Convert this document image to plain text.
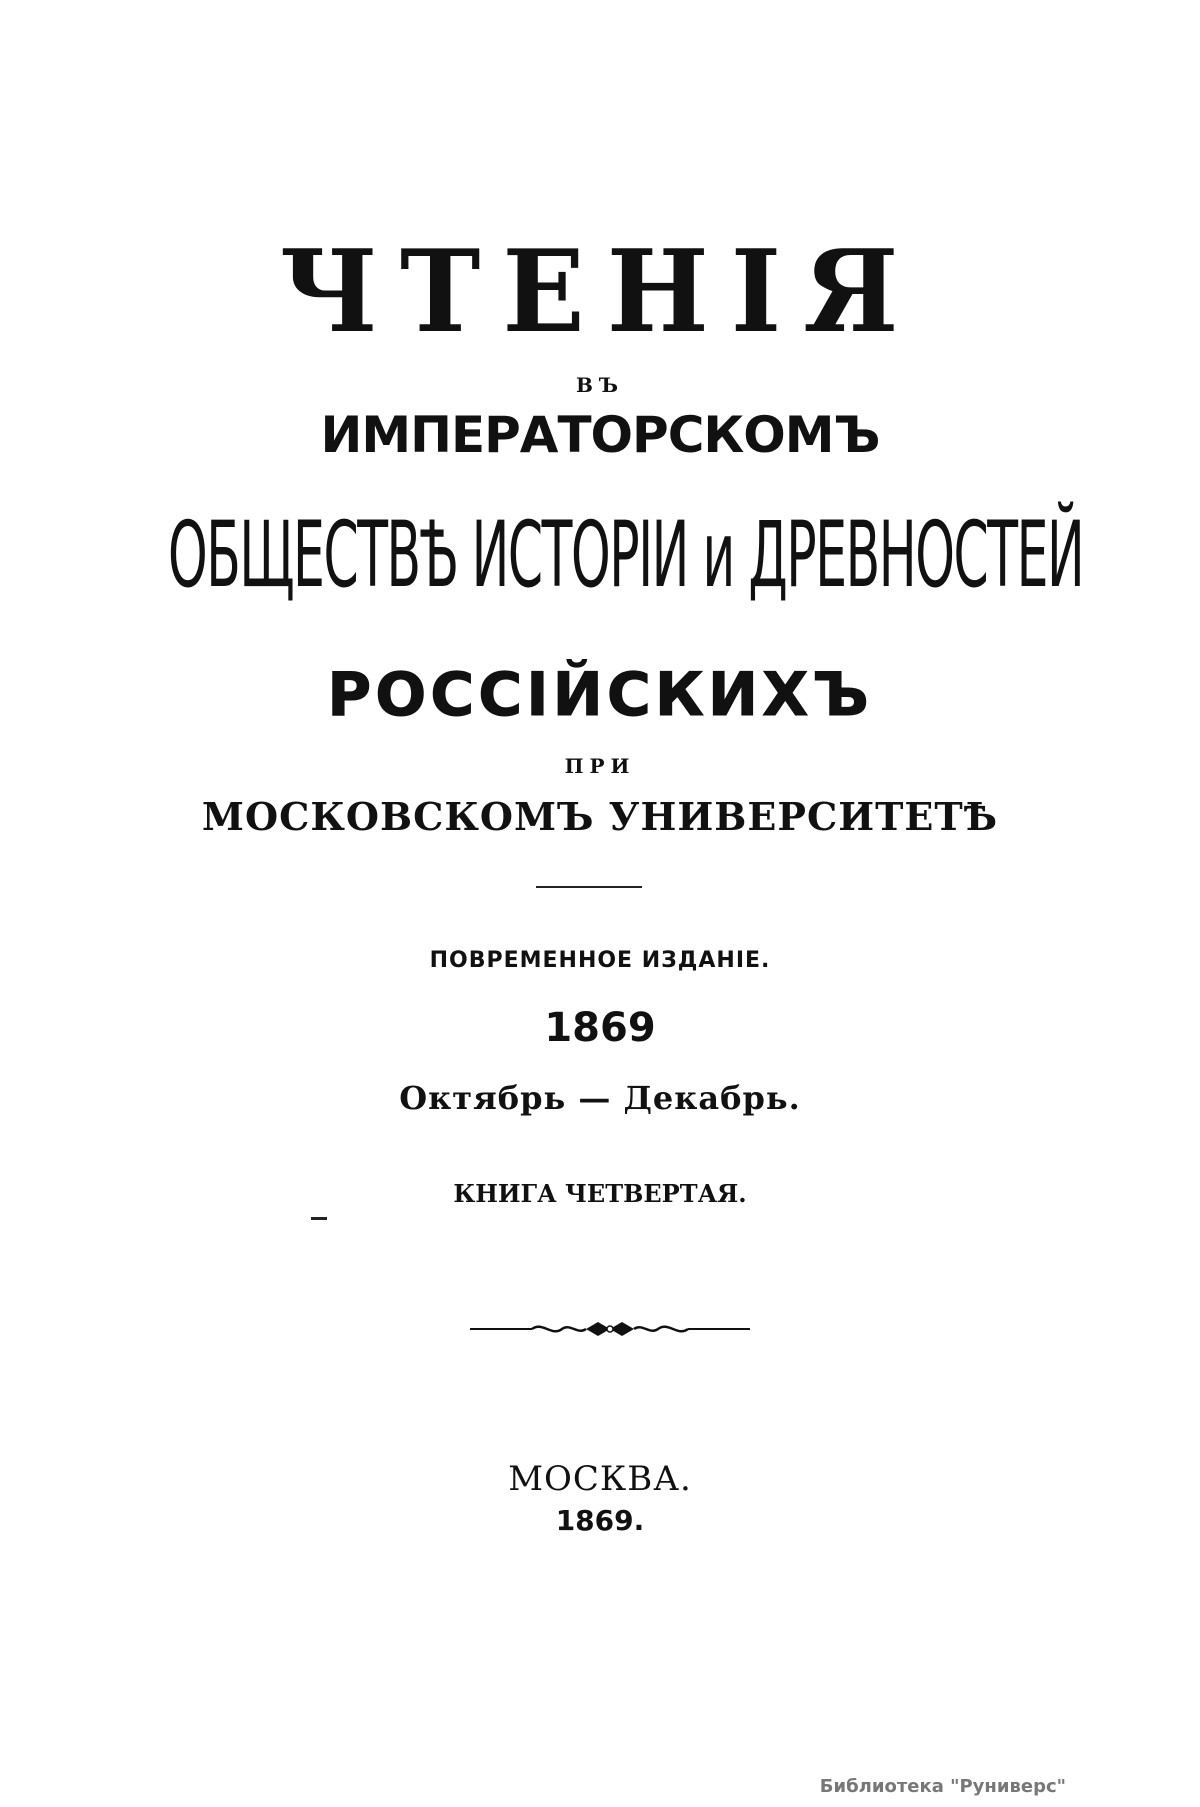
ЧТЕНІЯ
ВЪ
ИМПЕРАТОРСКОМЪ
ОБЩЕСТВѢ ИСТОРІИ и ДРЕВНОСТЕЙ
РОССІЙСКИХЪ
ПРИ
МОСКОВСКОМЪ УНИВЕРСИТЕТѢ
ПОВРЕМЕННОЕ ИЗДАНІЕ.
1869
Октябрь — Декабрь.
КНИГА ЧЕТВЕРТАЯ.
МОСКВА.
1869.
Библиотека "Руниверс"
